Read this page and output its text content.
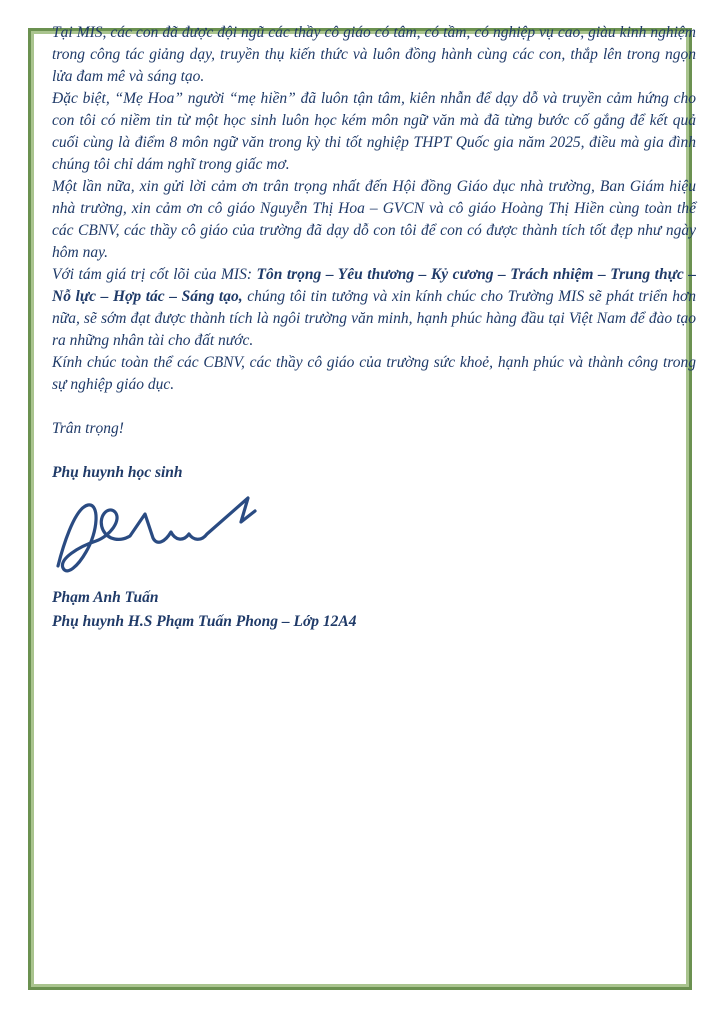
Tại MIS, các con đã được đội ngũ các thầy cô giáo có tâm, có tầm, có nghiệp vụ cao, giàu kinh nghiệm trong công tác giảng dạy, truyền thụ kiến thức và luôn đồng hành cùng các con, thắp lên trong ngọn lửa đam mê và sáng tạo.

Đặc biệt, “Mẹ Hoa” người “mẹ hiền” đã luôn tận tâm, kiên nhẫn để dạy dỗ và truyền cảm hứng cho con tôi có niềm tin từ một học sinh luôn học kém môn ngữ văn mà đã từng bước cố gắng để kết quả cuối cùng là điểm 8 môn ngữ văn trong kỳ thi tốt nghiệp THPT Quốc gia năm 2025, điều mà gia đình chúng tôi chỉ dám nghĩ trong giấc mơ.

Một lần nữa, xin gửi lời cảm ơn trân trọng nhất đến Hội đồng Giáo dục nhà trường, Ban Giám hiệu nhà trường, xin cảm ơn cô giáo Nguyễn Thị Hoa – GVCN và cô giáo Hoàng Thị Hiền cùng toàn thể các CBNV, các thầy cô giáo của trường đã dạy dỗ con tôi để con có được thành tích tốt đẹp như ngày hôm nay.

Với tám giá trị cốt lõi của MIS: Tôn trọng – Yêu thương – Kỷ cương – Trách nhiệm – Trung thực – Nỗ lực – Hợp tác – Sáng tạo, chúng tôi tin tưởng và xin kính chúc cho Trường MIS sẽ phát triển hơn nữa, sẽ sớm đạt được thành tích là ngôi trường văn minh, hạnh phúc hàng đầu tại Việt Nam để đào tạo ra những nhân tài cho đất nước.

Kính chúc toàn thể các CBNV, các thầy cô giáo của trường sức khoẻ, hạnh phúc và thành công trong sự nghiệp giáo dục.

Trân trọng!

Phụ huynh học sinh

Phạm Anh Tuấn

Phụ huynh H.S Phạm Tuấn Phong – Lớp 12A4
